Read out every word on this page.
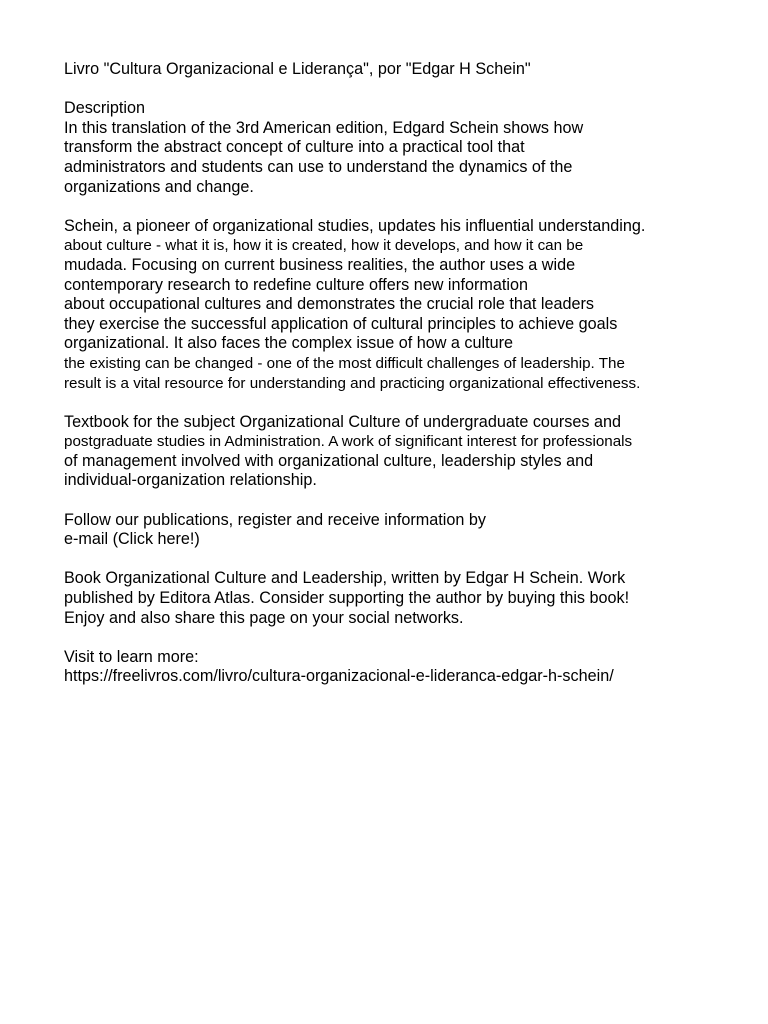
Livro "Cultura Organizacional e Liderança", por "Edgar H Schein"
Description
In this translation of the 3rd American edition, Edgard Schein shows how
transform the abstract concept of culture into a practical tool that
administrators and students can use to understand the dynamics of the
organizations and change.
Schein, a pioneer of organizational studies, updates his influential understanding.
about culture - what it is, how it is created, how it develops, and how it can be
mudada. Focusing on current business realities, the author uses a wide
contemporary research to redefine culture offers new information
about occupational cultures and demonstrates the crucial role that leaders
they exercise the successful application of cultural principles to achieve goals
organizational. It also faces the complex issue of how a culture
the existing can be changed - one of the most difficult challenges of leadership. The
result is a vital resource for understanding and practicing organizational effectiveness.
Textbook for the subject Organizational Culture of undergraduate courses and
postgraduate studies in Administration. A work of significant interest for professionals
of management involved with organizational culture, leadership styles and
individual-organization relationship.
Follow our publications, register and receive information by
e-mail (Click here!)
Book Organizational Culture and Leadership, written by Edgar H Schein. Work
published by Editora Atlas. Consider supporting the author by buying this book!
Enjoy and also share this page on your social networks.
Visit to learn more:
https://freelivros.com/livro/cultura-organizacional-e-lideranca-edgar-h-schein/
